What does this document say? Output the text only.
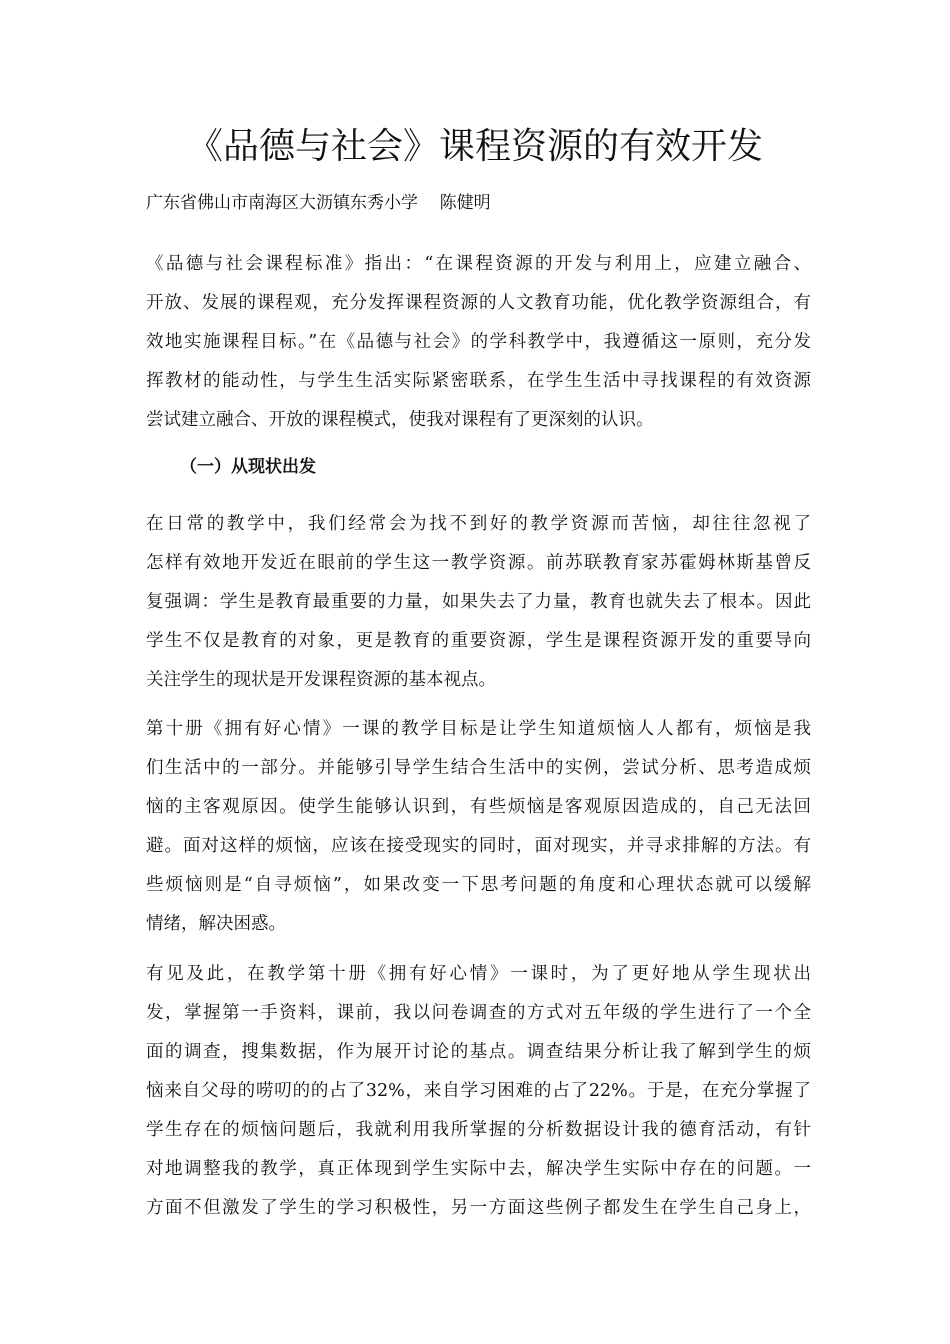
《品德与社会》课程资源的有效开发
广东省佛山市南海区大沥镇东秀小学    陈健明
《品德与社会课程标准》指出：“在课程资源的开发与利用上，应建立融合、
开放、发展的课程观，充分发挥课程资源的人文教育功能，优化教学资源组合，有
效地实施课程目标。”在《品德与社会》的学科教学中，我遵循这一原则，充分发
挥教材的能动性，与学生生活实际紧密联系，在学生生活中寻找课程的有效资源
尝试建立融合、开放的课程模式，使我对课程有了更深刻的认识。
（一）从现状出发
在日常的教学中，我们经常会为找不到好的教学资源而苦恼，却往往忽视了
怎样有效地开发近在眼前的学生这一教学资源。前苏联教育家苏霍姆林斯基曾反
复强调：学生是教育最重要的力量，如果失去了力量，教育也就失去了根本。因此
学生不仅是教育的对象，更是教育的重要资源，学生是课程资源开发的重要导向
关注学生的现状是开发课程资源的基本视点。
第十册《拥有好心情》一课的教学目标是让学生知道烦恼人人都有，烦恼是我
们生活中的一部分。并能够引导学生结合生活中的实例，尝试分析、思考造成烦
恼的主客观原因。使学生能够认识到，有些烦恼是客观原因造成的，自己无法回
避。面对这样的烦恼，应该在接受现实的同时，面对现实，并寻求排解的方法。有
些烦恼则是“自寻烦恼”，如果改变一下思考问题的角度和心理状态就可以缓解
情绪，解决困惑。
有见及此，在教学第十册《拥有好心情》一课时，为了更好地从学生现状出
发，掌握第一手资料，课前，我以问卷调查的方式对五年级的学生进行了一个全
面的调查，搜集数据，作为展开讨论的基点。调查结果分析让我了解到学生的烦
恼来自父母的唠叨的的占了32%，来自学习困难的占了22%。于是，在充分掌握了
学生存在的烦恼问题后，我就利用我所掌握的分析数据设计我的德育活动，有针
对地调整我的教学，真正体现到学生实际中去，解决学生实际中存在的问题。一
方面不但激发了学生的学习积极性，另一方面这些例子都发生在学生自己身上，
